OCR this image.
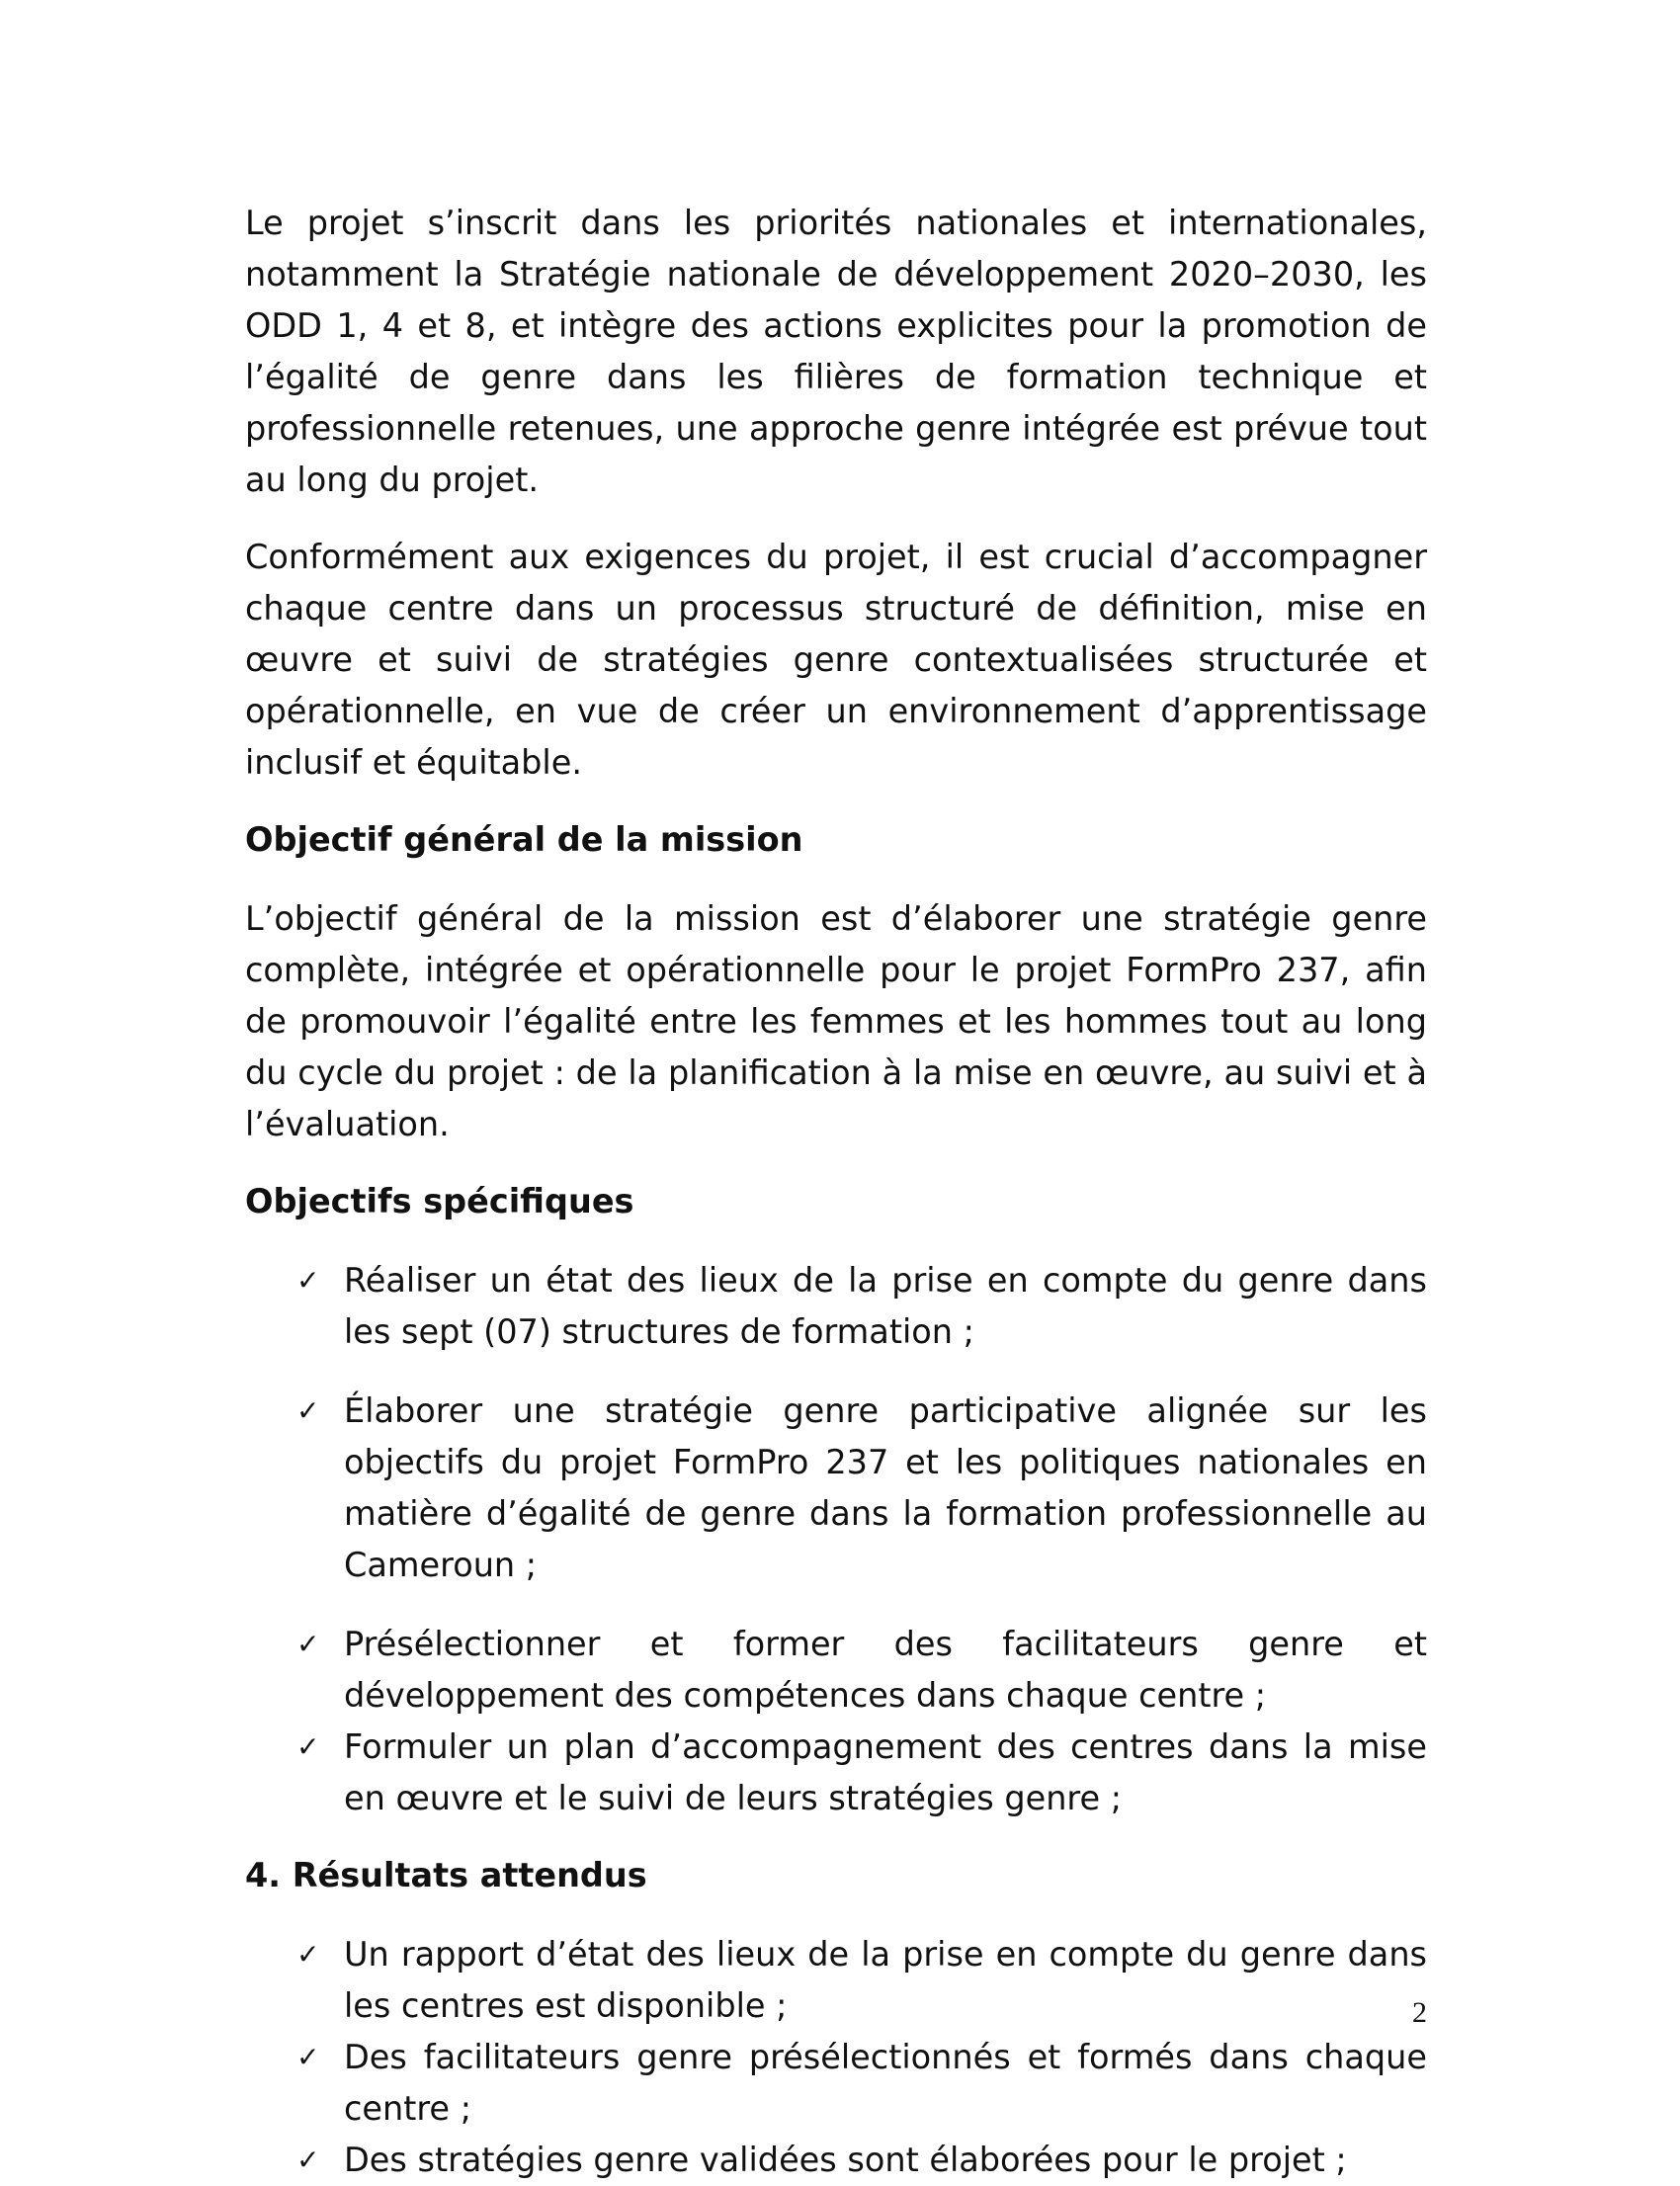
Le projet s’inscrit dans les priorités nationales et internationales, notamment la Stratégie nationale de développement 2020–2030, les ODD 1, 4 et 8, et intègre des actions explicites pour la promotion de l’égalité de genre dans les filières de formation technique et professionnelle retenues, une approche genre intégrée est prévue tout au long du projet.

Conformément aux exigences du projet, il est crucial d’accompagner chaque centre dans un processus structuré de définition, mise en œuvre et suivi de stratégies genre contextualisées structurée et opérationnelle, en vue de créer un environnement d’apprentissage inclusif et équitable.

Objectif général de la mission

L’objectif général de la mission est d’élaborer une stratégie genre complète, intégrée et opérationnelle pour le projet FormPro 237, afin de promouvoir l’égalité entre les femmes et les hommes tout au long du cycle du projet : de la planification à la mise en œuvre, au suivi et à l’évaluation.

Objectifs spécifiques
✓ Réaliser un état des lieux de la prise en compte du genre dans les sept (07) structures de formation ;
✓ Élaborer une stratégie genre participative alignée sur les objectifs du projet FormPro 237 et les politiques nationales en matière d’égalité de genre dans la formation professionnelle au Cameroun ;
✓ Présélectionner et former des facilitateurs genre et développement des compétences dans chaque centre ;
✓ Formuler un plan d’accompagnement des centres dans la mise en œuvre et le suivi de leurs stratégies genre ;
4. Résultats attendus
✓ Un rapport d’état des lieux de la prise en compte du genre dans les centres est disponible ;
✓ Des facilitateurs genre présélectionnés et formés dans chaque centre ;
✓ Des stratégies genre validées sont élaborées pour le projet ;
2
